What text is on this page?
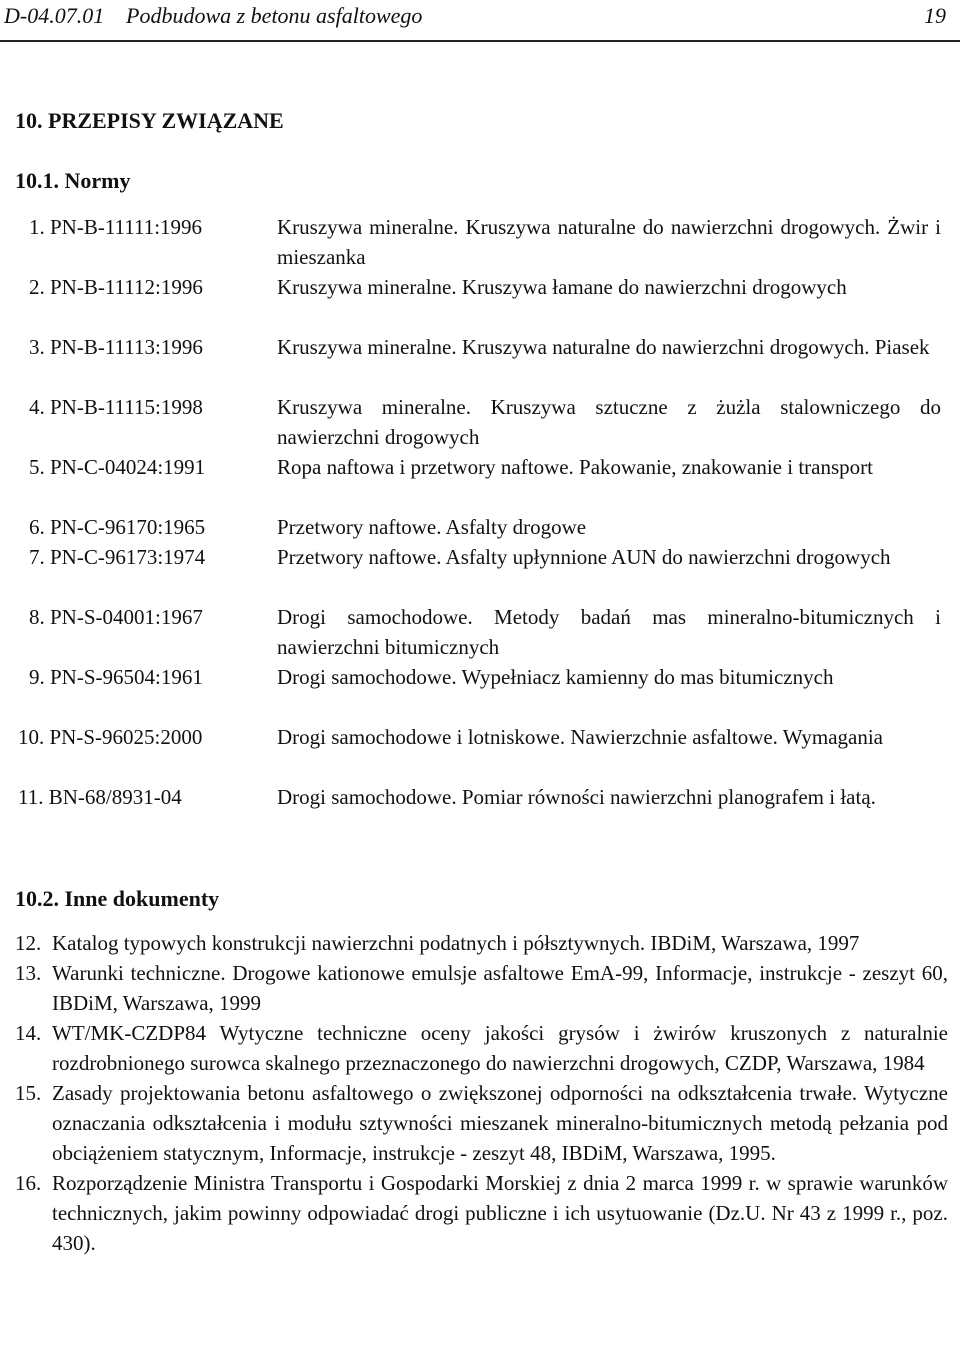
D-04.07.01 Podbudowa z betonu asfaltowego	19
10. PRZEPISY ZWIĄZANE
10.1. Normy
1. PN-B-11111:1996	Kruszywa mineralne. Kruszywa naturalne do nawierzchni drogowych. Żwir i mieszanka
2. PN-B-11112:1996	Kruszywa mineralne. Kruszywa łamane do nawierzchni drogowych
3. PN-B-11113:1996	Kruszywa mineralne. Kruszywa naturalne do nawierzchni drogowych. Piasek
4. PN-B-11115:1998	Kruszywa mineralne. Kruszywa sztuczne z żużla stalowniczego do nawierzchni drogowych
5. PN-C-04024:1991	Ropa naftowa i przetwory naftowe. Pakowanie, znakowanie i transport
6. PN-C-96170:1965	Przetwory naftowe. Asfalty drogowe
7. PN-C-96173:1974	Przetwory naftowe. Asfalty upłynnione AUN do nawierzchni drogowych
8. PN-S-04001:1967	Drogi samochodowe. Metody badań mas mineralno-bitumicznych i nawierzchni bitumicznych
9. PN-S-96504:1961	Drogi samochodowe. Wypełniacz kamienny do mas bitumicznych
10. PN-S-96025:2000	Drogi samochodowe i lotniskowe. Nawierzchnie asfaltowe. Wymagania
11. BN-68/8931-04	Drogi samochodowe. Pomiar równości nawierzchni planografem i łatą.
10.2. Inne dokumenty
12. Katalog typowych konstrukcji nawierzchni podatnych i półsztywnych. IBDiM, Warszawa, 1997
13. Warunki techniczne. Drogowe kationowe emulsje asfaltowe EmA-99, Informacje, instrukcje - zeszyt 60, IBDiM, Warszawa, 1999
14. WT/MK-CZDP84 Wytyczne techniczne oceny jakości grysów i żwirów kruszonych z naturalnie rozdrobnionego surowca skalnego przeznaczonego do nawierzchni drogowych, CZDP, Warszawa, 1984
15. Zasady projektowania betonu asfaltowego o zwiększonej odporności na odkształcenia trwałe. Wytyczne oznaczania odkształcenia i modułu sztywności mieszanek mineralno-bitumicznych metodą pełzania pod obciążeniem statycznym, Informacje, instrukcje - zeszyt 48, IBDiM, Warszawa, 1995.
16. Rozporządzenie Ministra Transportu i Gospodarki Morskiej z dnia 2 marca 1999 r. w sprawie warunków technicznych, jakim powinny odpowiadać drogi publiczne i ich usytuowanie (Dz.U. Nr 43 z 1999 r., poz. 430).
